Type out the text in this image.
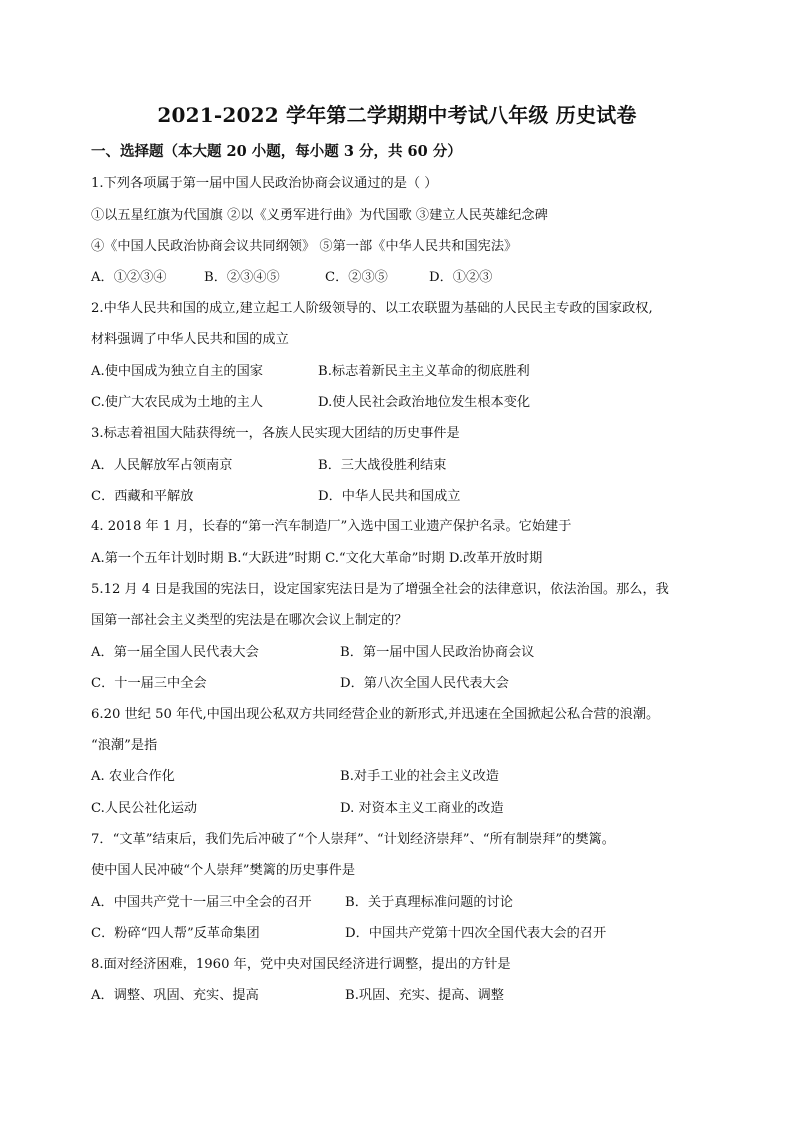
2021-2022 学年第二学期期中考试八年级 历史试卷
一、选择题（本大题 20 小题，每小题 3 分，共 60 分）
1.下列各项属于第一届中国人民政治协商会议通过的是（ ）
①以五星红旗为代国旗 ②以《义勇军进行曲》为代国歌 ③建立人民英雄纪念碑
④《中国人民政治协商会议共同纲领》 ⑤第一部《中华人民共和国宪法》
A．①②③④	B．②③④⑤	C．②③⑤	D．①②③
2.中华人民共和国的成立,建立起工人阶级领导的、以工农联盟为基础的人民民主专政的国家政权,
材料强调了中华人民共和国的成立
A.使中国成为独立自主的国家	B.标志着新民主主义革命的彻底胜利
C.使广大农民成为土地的主人	D.使人民社会政治地位发生根本变化
3.标志着祖国大陆获得统一，各族人民实现大团结的历史事件是
A．人民解放军占领南京	B．三大战役胜利结束
C．西藏和平解放	D．中华人民共和国成立
4. 2018 年 1 月，长春的“第一汽车制造厂”入选中国工业遗产保护名录。它始建于
A.第一个五年计划时期 B.“大跃进”时期 C.“文化大革命”时期 D.改革开放时期
5.12 月 4 日是我国的宪法日，设定国家宪法日是为了增强全社会的法律意识，依法治国。那么，我
国第一部社会主义类型的宪法是在哪次会议上制定的？
A．第一届全国人民代表大会	B．第一届中国人民政治协商会议
C．十一届三中全会	D．第八次全国人民代表大会
6.20 世纪 50 年代,中国出现公私双方共同经营企业的新形式,并迅速在全国掀起公私合营的浪潮。
“浪潮”是指
A. 农业合作化	B.对手工业的社会主义改造
C.人民公社化运动	D. 对资本主义工商业的改造
7．“文革”结束后，我们先后冲破了“个人崇拜”、“计划经济崇拜”、“所有制崇拜”的樊篱。
使中国人民冲破“个人崇拜”樊篱的历史事件是
A．中国共产党十一届三中全会的召开	B．关于真理标准问题的讨论
C．粉碎“四人帮”反革命集团	D．中国共产党第十四次全国代表大会的召开
8.面对经济困难，1960 年，党中央对国民经济进行调整，提出的方针是
A．调整、巩固、充实、提高	B.巩固、充实、提高、调整
